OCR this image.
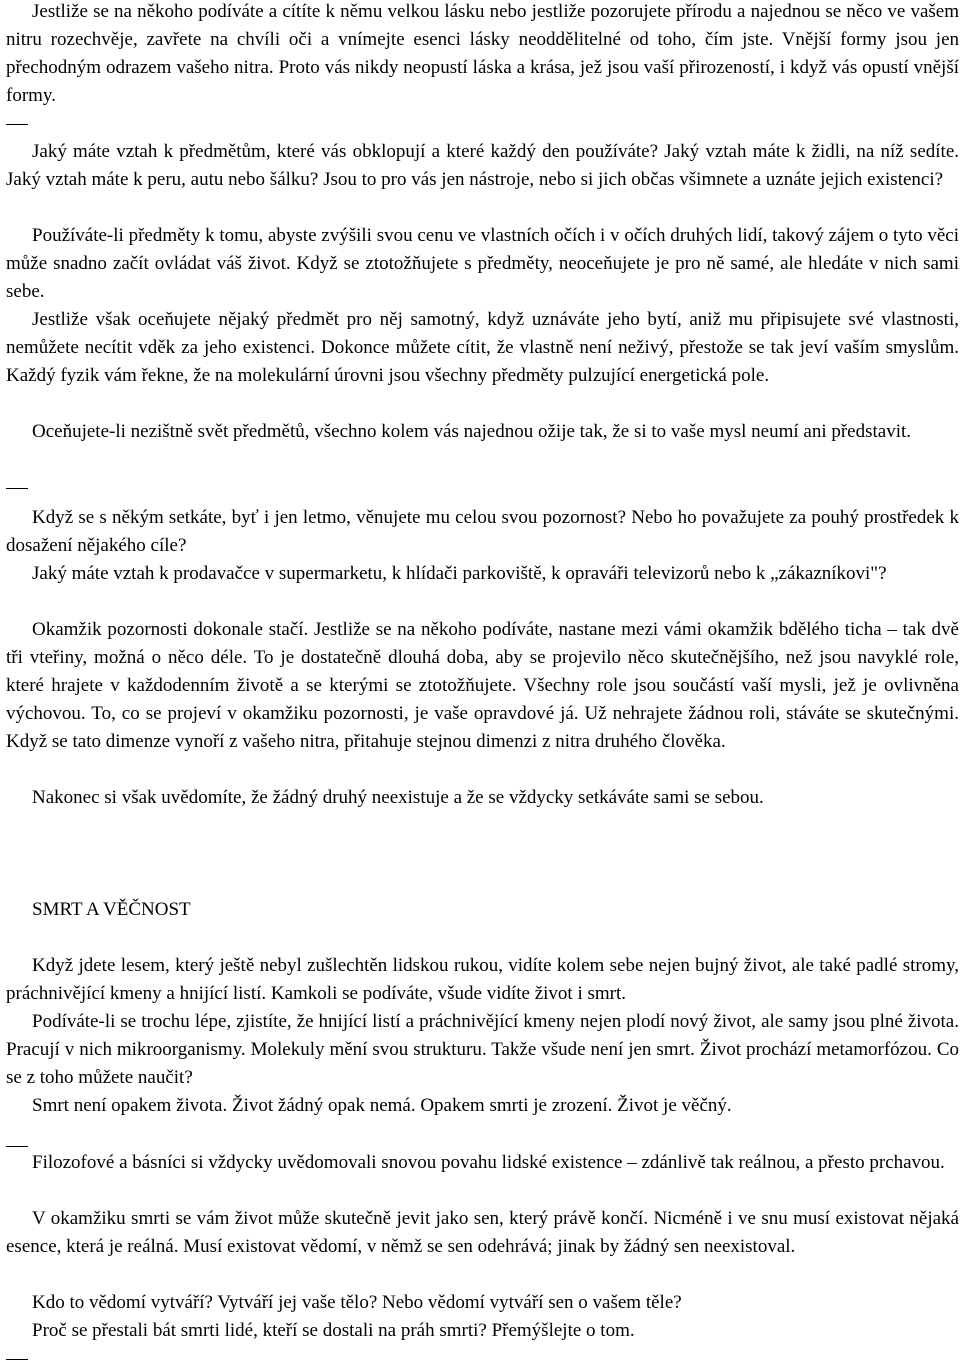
Jestliže se na někoho podíváte a cítíte k němu velkou lásku nebo jestliže pozorujete přírodu a najednou se něco ve vašem nitru rozechvěje, zavřete na chvíli oči a vnímejte esenci lásky neoddělitelné od toho, čím jste. Vnější formy jsou jen přechodným odrazem vašeho nitra. Proto vás nikdy neopustí láska a krása, jež jsou vaší přirozeností, i když vás opustí vnější formy.

Jaký máte vztah k předmětům, které vás obklopují a které každý den používáte? Jaký vztah máte k židli, na níž sedíte. Jaký vztah máte k peru, autu nebo šálku? Jsou to pro vás jen nástroje, nebo si jich občas všimnete a uznáte jejich existenci?

Používáte-li předměty k tomu, abyste zvýšili svou cenu ve vlastních očích i v očích druhých lidí, takový zájem o tyto věci může snadno začít ovládat váš život. Když se ztotožňujete s předměty, neoceňujete je pro ně samé, ale hledáte v nich sami sebe.

Jestliže však oceňujete nějaký předmět pro něj samotný, když uznáváte jeho bytí, aniž mu připisujete své vlastnosti, nemůžete necítit vděk za jeho existenci. Dokonce můžete cítit, že vlastně není neživý, přestože se tak jeví vaším smyslům. Každý fyzik vám řekne, že na molekulární úrovni jsou všechny předměty pulzující energetická pole.

Oceňujete-li nezištně svět předmětů, všechno kolem vás najednou ožije tak, že si to vaše mysl neumí ani představit.

Když se s někým setkáte, byť i jen letmo, věnujete mu celou svou pozornost? Nebo ho považujete za pouhý prostředek k dosažení nějakého cíle?

Jaký máte vztah k prodavačce v supermarketu, k hlídači parkoviště, k opraváři televizorů nebo k „zákazníkovi"?

Okamžik pozornosti dokonale stačí. Jestliže se na někoho podíváte, nastane mezi vámi okamžik bdělého ticha – tak dvě tři vteřiny, možná o něco déle. To je dostatečně dlouhá doba, aby se projevilo něco skutečnějšího, než jsou navyklé role, které hrajete v každodenním životě a se kterými se ztotožňujete. Všechny role jsou součástí vaší mysli, jež je ovlivněna výchovou. To, co se projeví v okamžiku pozornosti, je vaše opravdové já. Už nehrajete žádnou roli, stáváte se skutečnými. Když se tato dimenze vynoří z vašeho nitra, přitahuje stejnou dimenzi z nitra druhého člověka.

Nakonec si však uvědomíte, že žádný druhý neexistuje a že se vždycky setkáváte sami se sebou.

SMRT A VĚČNOST

Když jdete lesem, který ještě nebyl zušlechtěn lidskou rukou, vidíte kolem sebe nejen bujný život, ale také padlé stromy, práchnivějící kmeny a hnijící listí. Kamkoli se podíváte, všude vidíte život i smrt.

Podíváte-li se trochu lépe, zjistíte, že hnijící listí a práchnivějící kmeny nejen plodí nový život, ale samy jsou plné života. Pracují v nich mikroorganismy. Molekuly mění svou strukturu. Takže všude není jen smrt. Život prochází metamorfózou. Co se z toho můžete naučit?

Smrt není opakem života. Život žádný opak nemá. Opakem smrti je zrození. Život je věčný.

Filozofové a básníci si vždycky uvědomovali snovou povahu lidské existence – zdánlivě tak reálnou, a přesto prchavou.

V okamžiku smrti se vám život může skutečně jevit jako sen, který právě končí. Nicméně i ve snu musí existovat nějaká esence, která je reálná. Musí existovat vědomí, v němž se sen odehrává; jinak by žádný sen neexistoval.

Kdo to vědomí vytváří? Vytváří jej vaše tělo? Nebo vědomí vytváří sen o vašem těle?

Proč se přestali bát smrti lidé, kteří se dostali na práh smrti? Přemýšlejte o tom.
